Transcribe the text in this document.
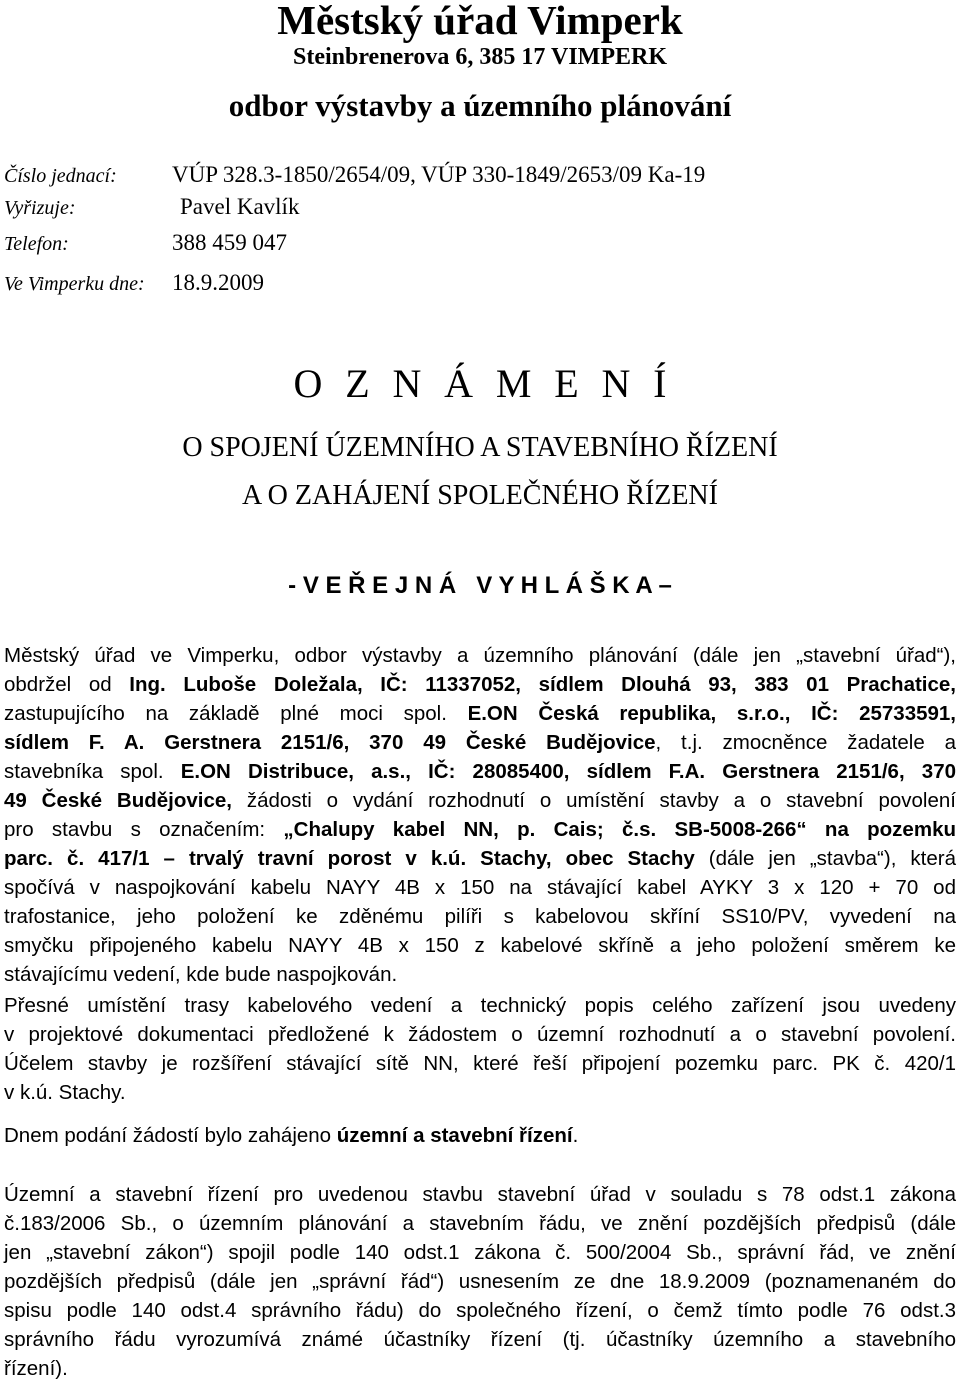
Městský úřad Vimperk
Steinbrenerova 6, 385 17 VIMPERK
odbor výstavby a územního plánování
Číslo jednací: VÚP 328.3-1850/2654/09, VÚP 330-1849/2653/09 Ka-19
Vyřizuje:	Pavel Kavlík
Telefon:	388 459 047
Ve Vimperku dne: 18.9.2009
OZNÁMENÍ
O SPOJENÍ ÚZEMNÍHO A STAVEBNÍHO ŘÍZENÍ
A O ZAHÁJENÍ SPOLEČNÉHO ŘÍZENÍ
- V E Ř E J N Á   V Y H L Á Š K A –
Městský úřad ve Vimperku, odbor výstavby a územního plánování (dále jen „stavební úřad“),
obdržel od Ing. Luboše Doležala, IČ: 11337052, sídlem Dlouhá 93, 383 01 Prachatice,
zastupujícího na základě plné moci spol. E.ON Česká republika, s.r.o., IČ: 25733591,
sídlem F. A. Gerstnera 2151/6, 370 49 České Budějovice, t.j. zmocněnce žadatele a
stavebníka spol. E.ON Distribuce, a.s., IČ: 28085400, sídlem F.A. Gerstnera 2151/6, 370
49 České Budějovice, žádosti o vydání rozhodnutí o umístění stavby a o stavební povolení
pro stavbu s označením: „Chalupy kabel NN, p. Cais; č.s. SB-5008-266“ na pozemku
parc. č. 417/1 – trvalý travní porost v k.ú. Stachy, obec Stachy (dále jen „stavba“), která
spočívá v naspojkování kabelu NAYY 4B x 150 na stávající kabel AYKY 3 x 120 + 70 od
trafostanice, jeho položení ke zděnému pilíři s kabelovou skříní SS10/PV, vyvedení na
smyčku připojeného kabelu NAYY 4B x 150 z kabelové skříně a jeho položení směrem ke
stávajícímu vedení, kde bude naspojkován.
Přesné umístění trasy kabelového vedení a technický popis celého zařízení jsou uvedeny
v projektové dokumentaci předložené k žádostem o územní rozhodnutí a o stavební povolení.
Účelem stavby je rozšíření stávající sítě NN, které řeší připojení pozemku parc. PK č. 420/1
v k.ú. Stachy.
Dnem podání žádostí bylo zahájeno územní a stavební řízení.
Územní a stavební řízení pro uvedenou stavbu stavební úřad v souladu s 78 odst.1 zákona
č.183/2006 Sb., o územním plánování a stavebním řádu, ve znění pozdějších předpisů (dále
jen „stavební zákon“) spojil podle 140 odst.1 zákona č. 500/2004 Sb., správní řád, ve znění
pozdějších předpisů (dále jen „správní řád“) usnesením ze dne 18.9.2009 (poznamenaném do
spisu podle 140 odst.4 správního řádu) do společného řízení, o čemž tímto podle 76 odst.3
správního řádu vyrozumívá známé účastníky řízení (tj. účastníky územního a stavebního
řízení).
